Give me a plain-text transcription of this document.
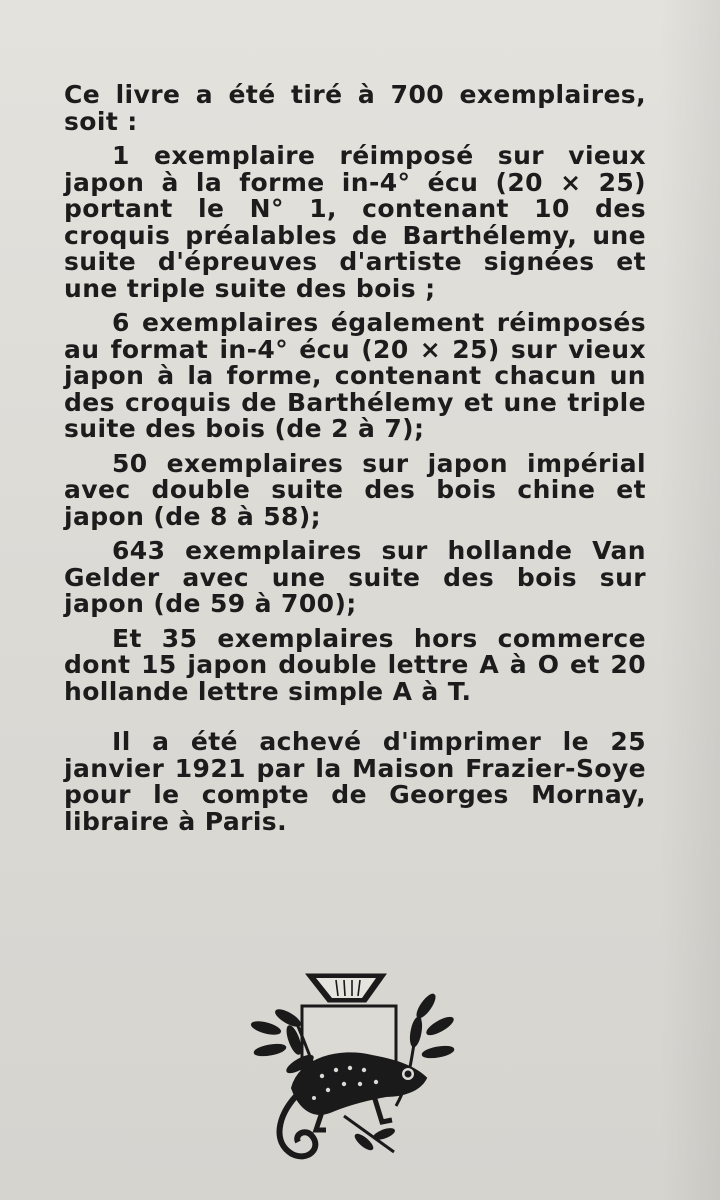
Ce livre a été tiré à 700 exemplaires, soit :

1 exemplaire réimposé sur vieux japon à la forme in-4° écu (20 × 25) portant le N° 1, contenant 10 des croquis préalables de Barthélemy, une suite d'épreuves d'artiste signées et une triple suite des bois ;

6 exemplaires également réimposés au format in-4° écu (20 × 25) sur vieux japon à la forme, contenant chacun un des croquis de Barthélemy et une triple suite des bois (de 2 à 7);

50 exemplaires sur japon impérial avec double suite des bois chine et japon (de 8 à 58);

643 exemplaires sur hollande Van Gelder avec une suite des bois sur japon (de 59 à 700);

Et 35 exemplaires hors commerce dont 15 japon double lettre A à O et 20 hollande lettre simple A à T.

Il a été achevé d'imprimer le 25 janvier 1921 par la Maison Frazier-Soye pour le compte de Georges Mornay, libraire à Paris.
